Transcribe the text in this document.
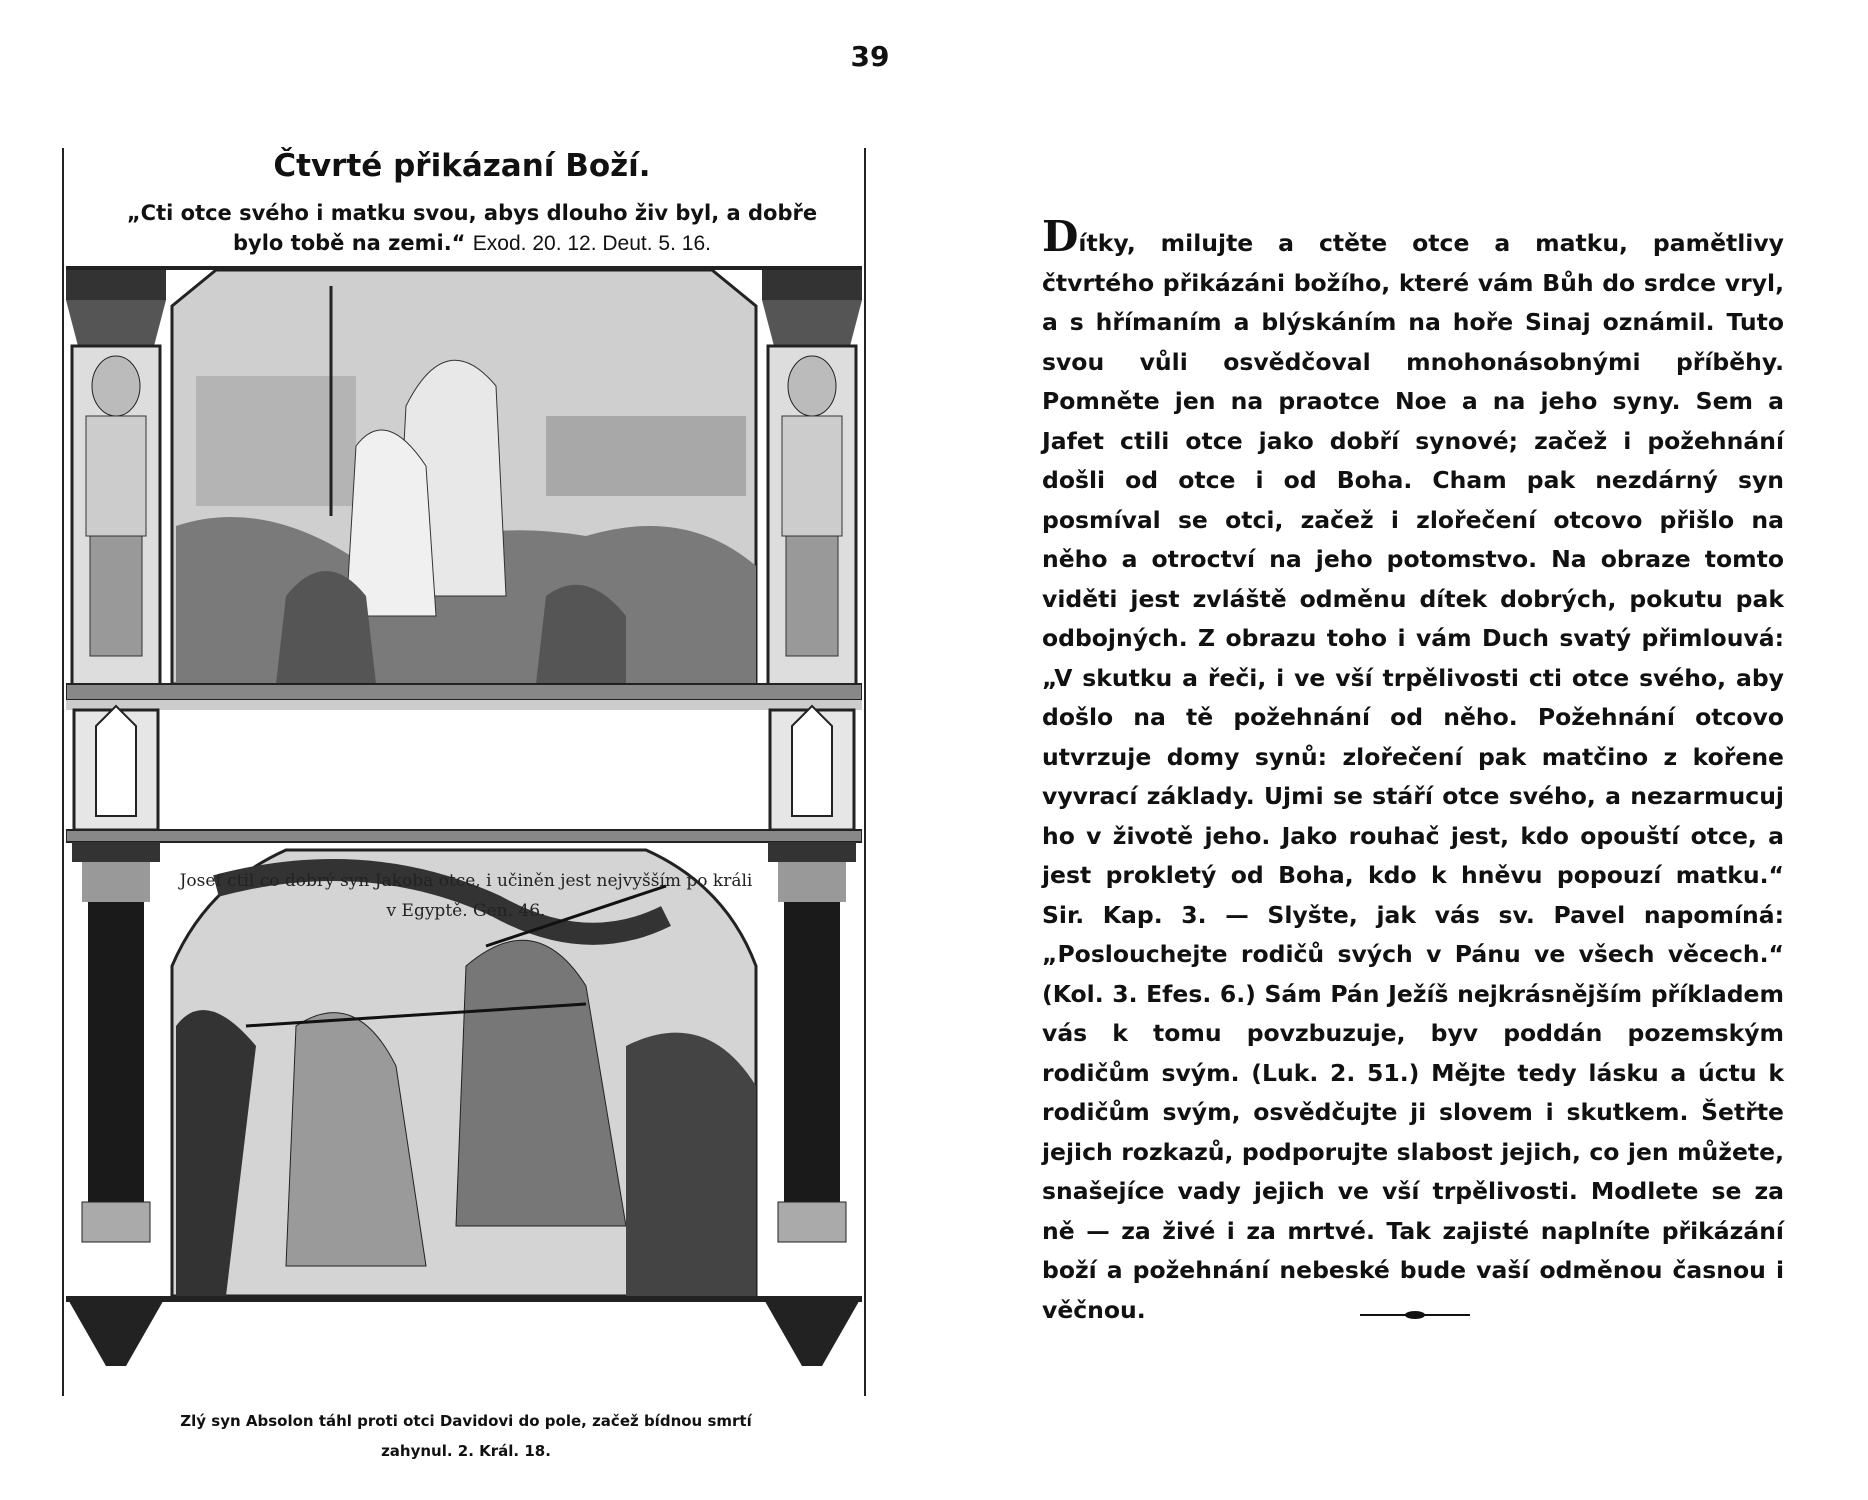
39
Čtvrté přikázaní Boží.
„Cti otce svého i matku svou, abys dlouho živ byl, a dobře bylo tobě na zemi.“ Exod. 20. 12. Deut. 5. 16.
Josef ctil co dobrý syn Jakoba otce, i učiněn jest nejvyšším po králi v Egyptě. Gen. 46.
Zlý syn Absolon táhl proti otci Davidovi do pole, začež bídnou smrtí zahynul. 2. Král. 18.
Dítky, milujte a ctěte otce a matku, pamětlivy čtvrtého přikázáni božího, které vám Bůh do srdce vryl, a s hřímaním a blýskáním na hoře Sinaj oznámil. Tuto svou vůli osvědčoval mnohonásobnými příběhy. Pomněte jen na praotce Noe a na jeho syny. Sem a Jafet ctili otce jako dobří synové; začež i požehnání došli od otce i od Boha. Cham pak nezdárný syn posmíval se otci, začež i zlořečení otcovo přišlo na něho a otroctví na jeho potomstvo. Na obraze tomto viděti jest zvláště odměnu dítek dobrých, pokutu pak odbojných. Z obrazu toho i vám Duch svatý přimlouvá: „V skutku a řeči, i ve vší trpělivosti cti otce svého, aby došlo na tě požehnání od něho. Požehnání otcovo utvrzuje domy synů: zlořečení pak matčino z kořene vyvrací základy. Ujmi se stáří otce svého, a nezarmucuj ho v životě jeho. Jako rouhač jest, kdo opouští otce, a jest prokletý od Boha, kdo k hněvu popouzí matku.“ Sir. Kap. 3. — Slyšte, jak vás sv. Pavel napomíná: „Poslouchejte rodičů svých v Pánu ve všech věcech.“ (Kol. 3. Efes. 6.) Sám Pán Ježíš nejkrásnějším příkladem vás k tomu povzbuzuje, byv poddán pozemským rodičům svým. (Luk. 2. 51.) Mějte tedy lásku a úctu k rodičům svým, osvědčujte ji slovem i skutkem. Šetřte jejich rozkazů, podporujte slabost jejich, co jen můžete, snašejíce vady jejich ve vší trpělivosti. Modlete se za ně — za živé i za mrtvé. Tak zajisté naplníte přikázání boží a požehnání nebeské bude vaší odměnou časnou i věčnou.
